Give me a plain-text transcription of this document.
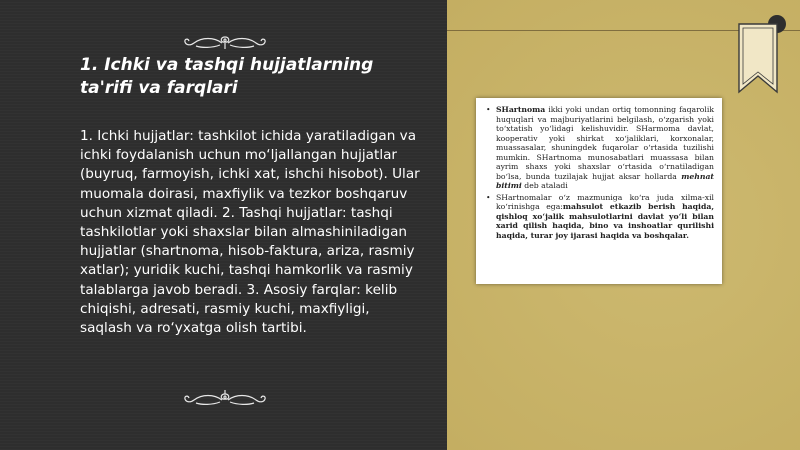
1. Ichki va tashqi hujjatlarning ta'rifi va farqlari
1. Ichki hujjatlar: tashkilot ichida yaratiladigan va ichki foydalanish uchun mo‘ljallangan hujjatlar (buyruq, farmoyish, ichki xat, ishchi hisobot). Ular muomala doirasi, maxfiylik va tezkor boshqaruv uchun xizmat qiladi. 2. Tashqi hujjatlar: tashqi tashkilotlar yoki shaxslar bilan almashiniladigan hujjatlar (shartnoma, hisob-faktura, ariza, rasmiy xatlar); yuridik kuchi, tashqi hamkorlik va rasmiy talablarga javob beradi. 3. Asosiy farqlar: kelib chiqishi, adresati, rasmiy kuchi, maxfiyligi, saqlash va ro‘yxatga olish tartibi.
• SHartnoma ikki yoki undan ortiq tomonning faqarolik huquqlari va majburiyatlarini belgilash, o‘zgarish yoki to‘xtatish yo‘lidagi kelishuvidir. SHarmoma davlat, kooperativ yoki shirkat xo‘jaliklari, korxonalar, muassasalar, shuningdek fuqarolar o‘rtasida tuzilishi mumkin. SHartnoma munosabatlari muassasa bilan ayrim shaxs yoki shaxslar o‘rtasida o‘rnatiladigan bo‘lsa, bunda tuzilajak hujjat aksar hollarda mehnat bitimi deb ataladi
• SHartnomalar o‘z mazmuniga ko‘ra juda xilma-xil ko‘rinishga ega:mahsulot etkazib berish haqida, qishloq xo‘jalik mahsulotlarini davlat yo‘li bilan xarid qilish haqida, bino va inshoatlar qurilishi haqida, turar joy ijarasi haqida va boshqalar.
